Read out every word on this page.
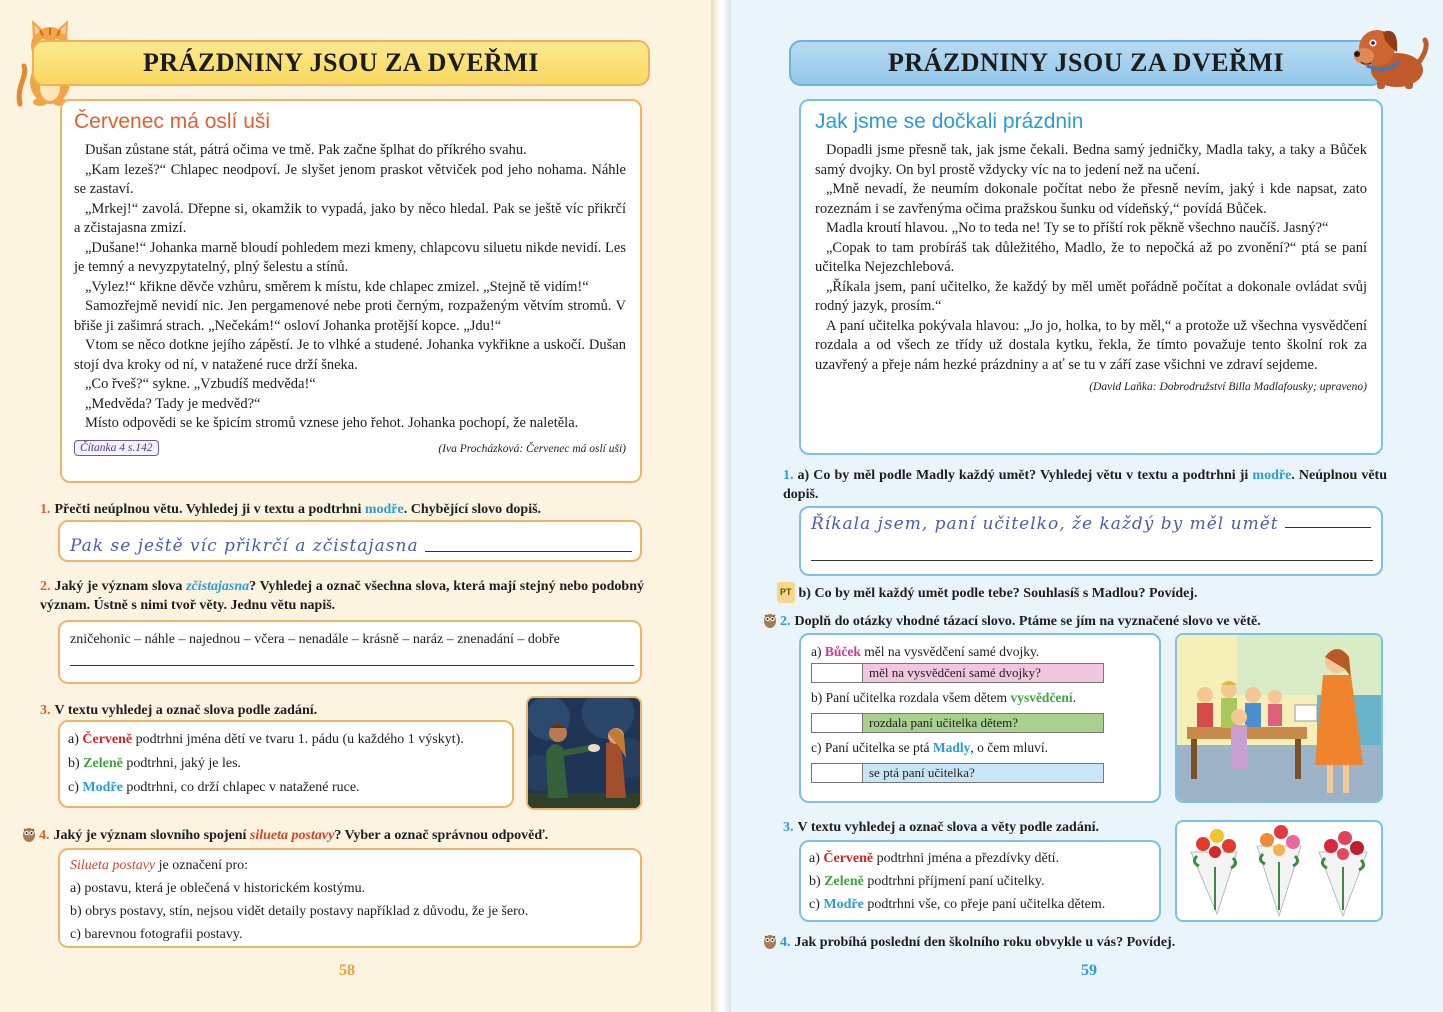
PRÁZDNINY JSOU ZA DVEŘMI
Červenec má oslí uši

Dušan zůstane stát, pátrá očima ve tmě. Pak začne šplhat do příkrého svahu.

„Kam lezeš?“ Chlapec neodpoví. Je slyšet jenom praskot větviček pod jeho nohama. Náhle se zastaví.

„Mrkej!“ zavolá. Dřepne si, okamžik to vypadá, jako by něco hledal. Pak se ještě víc přikrčí a zčistajasna zmizí.

„Dušane!“ Johanka marně bloudí pohledem mezi kmeny, chlapcovu siluetu nikde nevidí. Les je temný a nevyzpytatelný, plný šelestu a stínů.

„Vylez!“ křikne děvče vzhůru, směrem k místu, kde chlapec zmizel. „Stejně tě vidím!“

Samozřejmě nevidí nic. Jen pergamenové nebe proti černým, rozpaženým větvím stromů. V břiše ji zašimrá strach. „Nečekám!“ osloví Johanka protější kopce. „Jdu!“

Vtom se něco dotkne jejího zápěstí. Je to vlhké a studené. Johanka vykřikne a uskočí. Dušan stojí dva kroky od ní, v natažené ruce drží šneka.

„Co řveš?“ sykne. „Vzbudíš medvěda!“

„Medvěda? Tady je medvěd?“

Místo odpovědi se ke špicím stromů vznese jeho řehot. Johanka pochopí, že naletěla.

Čítanka 4 s.142	(Iva Procházková: Červenec má oslí uši)
1. Přečti neúplnou větu. Vyhledej ji v textu a podtrhni modře. Chybějící slovo dopiš.
Pak se ještě víc přikrčí a zčistajasna
2. Jaký je význam slova zčistajasna? Vyhledej a označ všechna slova, která mají stejný nebo podobný význam. Ústně s nimi tvoř věty. Jednu větu napiš.
zničehonic – náhle – najednou – včera – nenadále – krásně – naráz – znenadání – dobře
3. V textu vyhledej a označ slova podle zadání.
a) Červeně podtrhni jména dětí ve tvaru 1. pádu (u každého 1 výskyt).
b) Zeleně podtrhni, jaký je les.
c) Modře podtrhni, co drží chlapec v natažené ruce.
4. Jaký je význam slovního spojení silueta postavy? Vyber a označ správnou odpověď.
Silueta postavy je označení pro:
a) postavu, která je oblečená v historickém kostýmu.
b) obrys postavy, stín, nejsou vidět detaily postavy například z důvodu, že je šero.
c) barevnou fotografii postavy.
58
PRÁZDNINY JSOU ZA DVEŘMI
Jak jsme se dočkali prázdnin

Dopadli jsme přesně tak, jak jsme čekali. Bedna samý jedničky, Madla taky, a taky a Bůček samý dvojky. On byl prostě vždycky víc na to jedení než na učení.

„Mně nevadí, že neumím dokonale počítat nebo že přesně nevím, jaký i kde napsat, zato rozeznám i se zavřenýma očima pražskou šunku od vídeňský,“ povídá Bůček.

Madla kroutí hlavou. „No to teda ne! Ty se to příští rok pěkně všechno naučíš. Jasný?“

„Copak to tam probíráš tak důležitého, Madlo, že to nepočká až po zvonění?“ ptá se paní učitelka Nejezchlebová.

„Říkala jsem, paní učitelko, že každý by měl umět pořádně počítat a dokonale ovládat svůj rodný jazyk, prosím.“

A paní učitelka pokývala hlavou: „Jo jo, holka, to by měl,“ a protože už všechna vysvědčení rozdala a od všech ze třídy už dostala kytku, řekla, že tímto považuje tento školní rok za uzavřený a přeje nám hezké prázdniny a ať se tu v září zase všichni ve zdraví sejdeme.

(David Laňka: Dobrodružství Billa Madlafousky; upraveno)
1. a) Co by měl podle Madly každý umět? Vyhledej větu v textu a podtrhni ji modře. Neúplnou větu dopiš.
Říkala jsem, paní učitelko, že každý by měl umět
PT b) Co by měl každý umět podle tebe? Souhlasíš s Madlou? Povídej.
2. Doplň do otázky vhodné tázací slovo. Ptáme se jím na vyznačené slovo ve větě.
a) Bůček měl na vysvědčení samé dvojky.
měl na vysvědčení samé dvojky?
b) Paní učitelka rozdala všem dětem vysvědčení.
rozdala paní učitelka dětem?
c) Paní učitelka se ptá Madly, o čem mluví.
se ptá paní učitelka?
3. V textu vyhledej a označ slova a věty podle zadání.
a) Červeně podtrhni jména a přezdívky dětí.
b) Zeleně podtrhni příjmení paní učitelky.
c) Modře podtrhni vše, co přeje paní učitelka dětem.
4. Jak probíhá poslední den školního roku obvykle u vás? Povídej.
59
